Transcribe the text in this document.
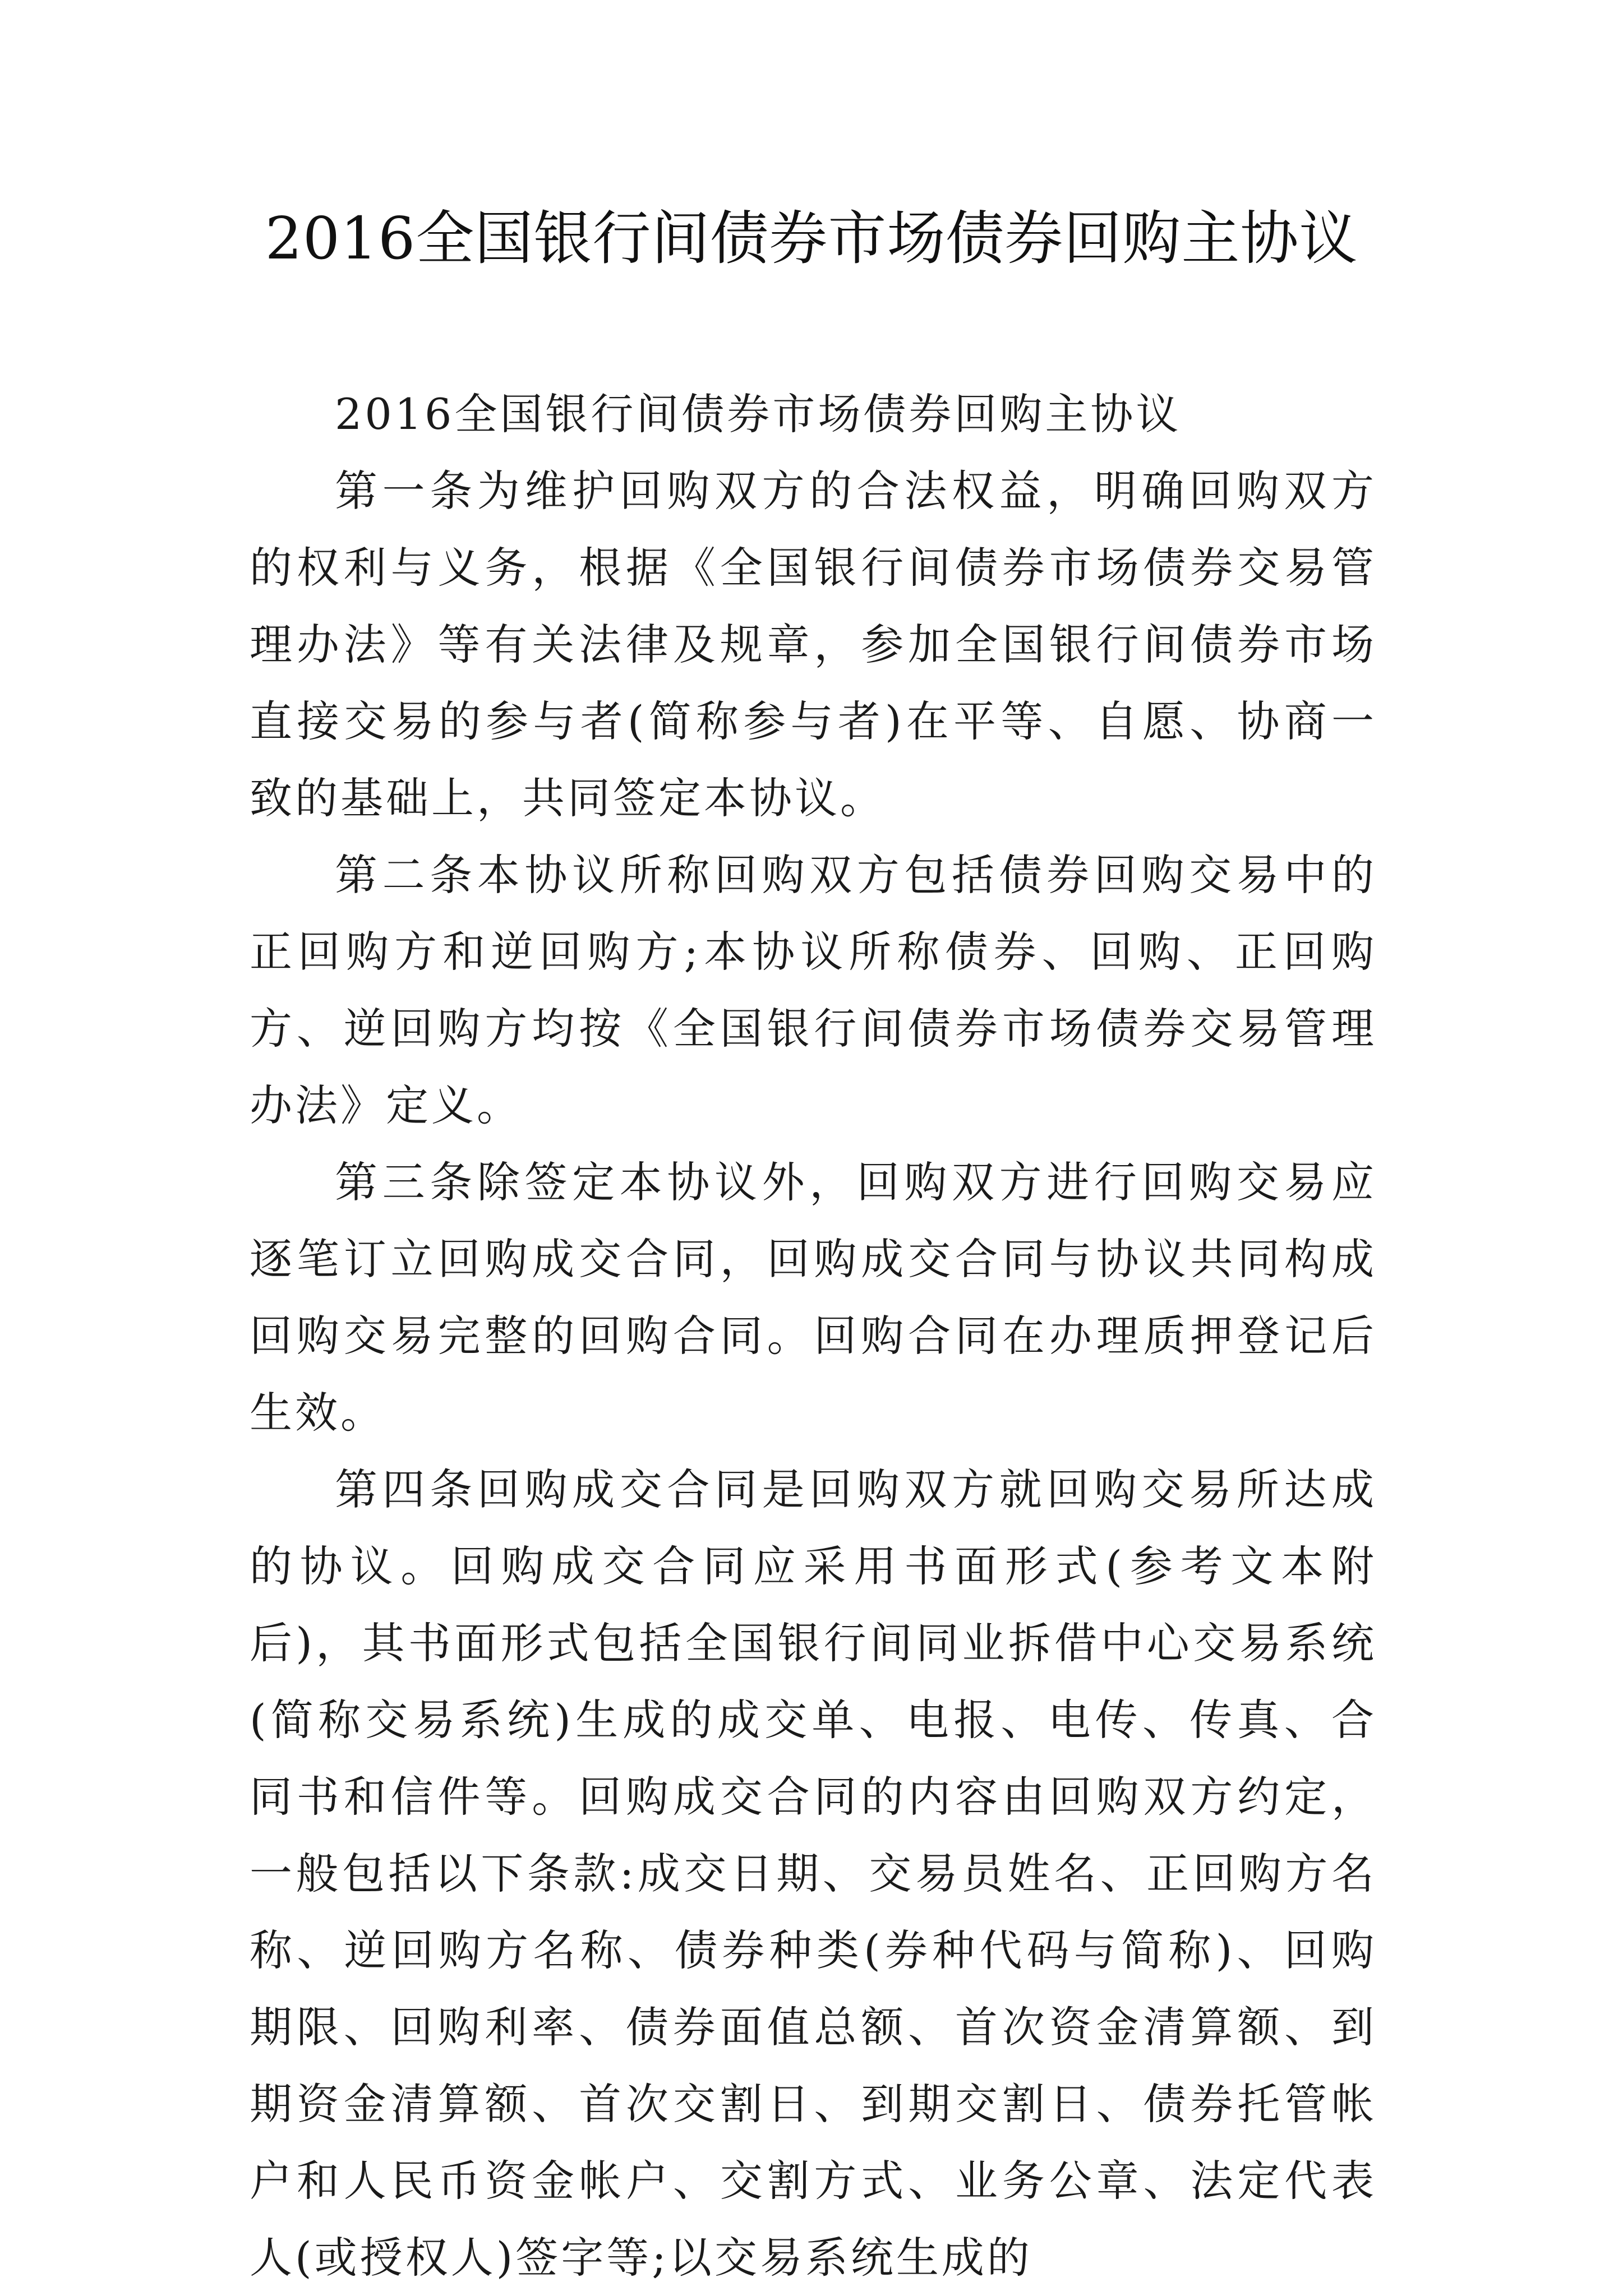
2016全国银行间债券市场债券回购主协议

2016全国银行间债券市场债券回购主协议

第一条为维护回购双方的合法权益，明确回购双方的权利与义务，根据《全国银行间债券市场债券交易管理办法》等有关法律及规章，参加全国银行间债券市场直接交易的参与者(简称参与者)在平等、自愿、协商一致的基础上，共同签定本协议。

第二条本协议所称回购双方包括债券回购交易中的正回购方和逆回购方;本协议所称债券、回购、正回购方、逆回购方均按《全国银行间债券市场债券交易管理办法》定义。

第三条除签定本协议外，回购双方进行回购交易应逐笔订立回购成交合同，回购成交合同与协议共同构成回购交易完整的回购合同。回购合同在办理质押登记后生效。

第四条回购成交合同是回购双方就回购交易所达成的协议。回购成交合同应采用书面形式(参考文本附后)，其书面形式包括全国银行间同业拆借中心交易系统(简称交易系统)生成的成交单、电报、电传、传真、合同书和信件等。回购成交合同的内容由回购双方约定，一般包括以下条款:成交日期、交易员姓名、正回购方名称、逆回购方名称、债券种类(券种代码与简称)、回购期限、回购利率、债券面值总额、首次资金清算额、到期资金清算额、首次交割日、到期交割日、债券托管帐户和人民币资金帐户、交割方式、业务公章、法定代表人(或授权人)签字等;以交易系统生成的
